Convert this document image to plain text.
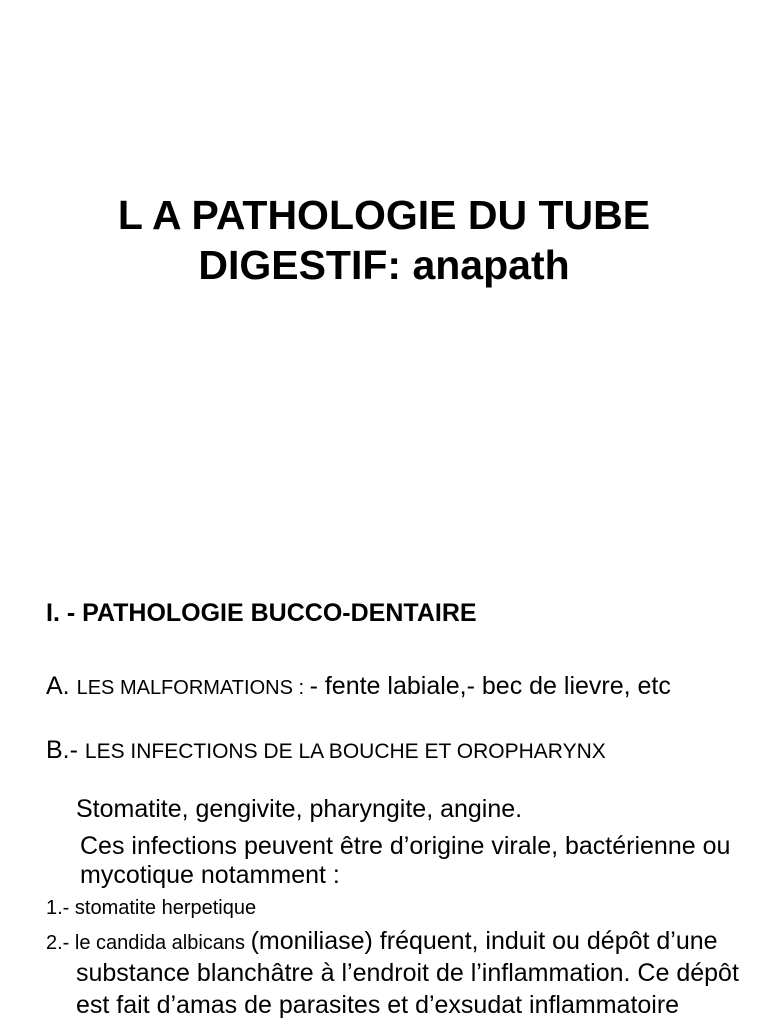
L A PATHOLOGIE DU TUBE
DIGESTIF: anapath
I. - PATHOLOGIE BUCCO-DENTAIRE

A. LES MALFORMATIONS : - fente labiale,- bec de lievre, etc

B.- LES INFECTIONS DE LA BOUCHE ET OROPHARYNX

Stomatite, gengivite, pharyngite, angine.

Ces infections peuvent être d’origine virale, bactérienne ou mycotique notamment :

1.- stomatite herpetique

2.- le candida albicans (moniliase) fréquent, induit ou dépôt d’une substance blanchâtre à l’endroit de l’inflammation. Ce dépôt est fait d’amas de parasites et d’exsudat inflammatoire
